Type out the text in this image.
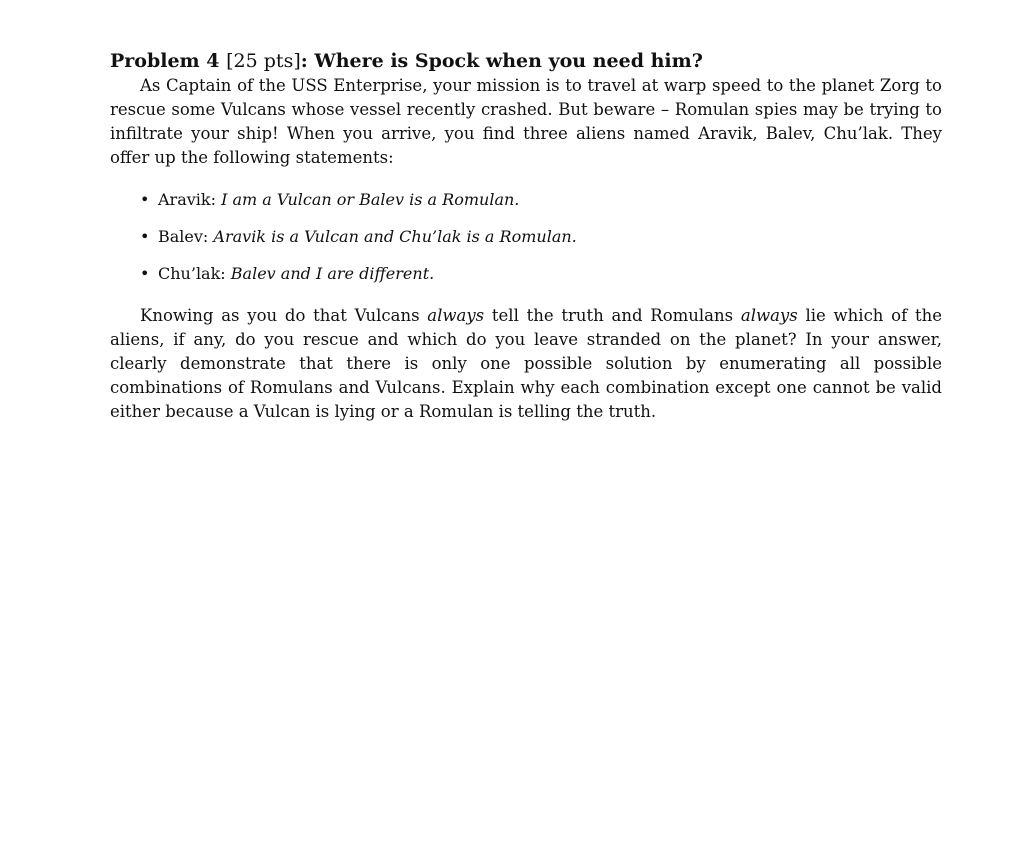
Problem 4 [25 pts]: Where is Spock when you need him?

As Captain of the USS Enterprise, your mission is to travel at warp speed to the planet Zorg to rescue some Vulcans whose vessel recently crashed. But beware – Romulan spies may be trying to infiltrate your ship! When you arrive, you find three aliens named Aravik, Balev, Chu’lak. They offer up the following statements:

• Aravik: I am a Vulcan or Balev is a Romulan.
• Balev: Aravik is a Vulcan and Chu’lak is a Romulan.
• Chu’lak: Balev and I are different.

Knowing as you do that Vulcans always tell the truth and Romulans always lie which of the aliens, if any, do you rescue and which do you leave stranded on the planet? In your answer, clearly demonstrate that there is only one possible solution by enumerating all possible combinations of Romulans and Vulcans. Explain why each combination except one cannot be valid either because a Vulcan is lying or a Romulan is telling the truth.
